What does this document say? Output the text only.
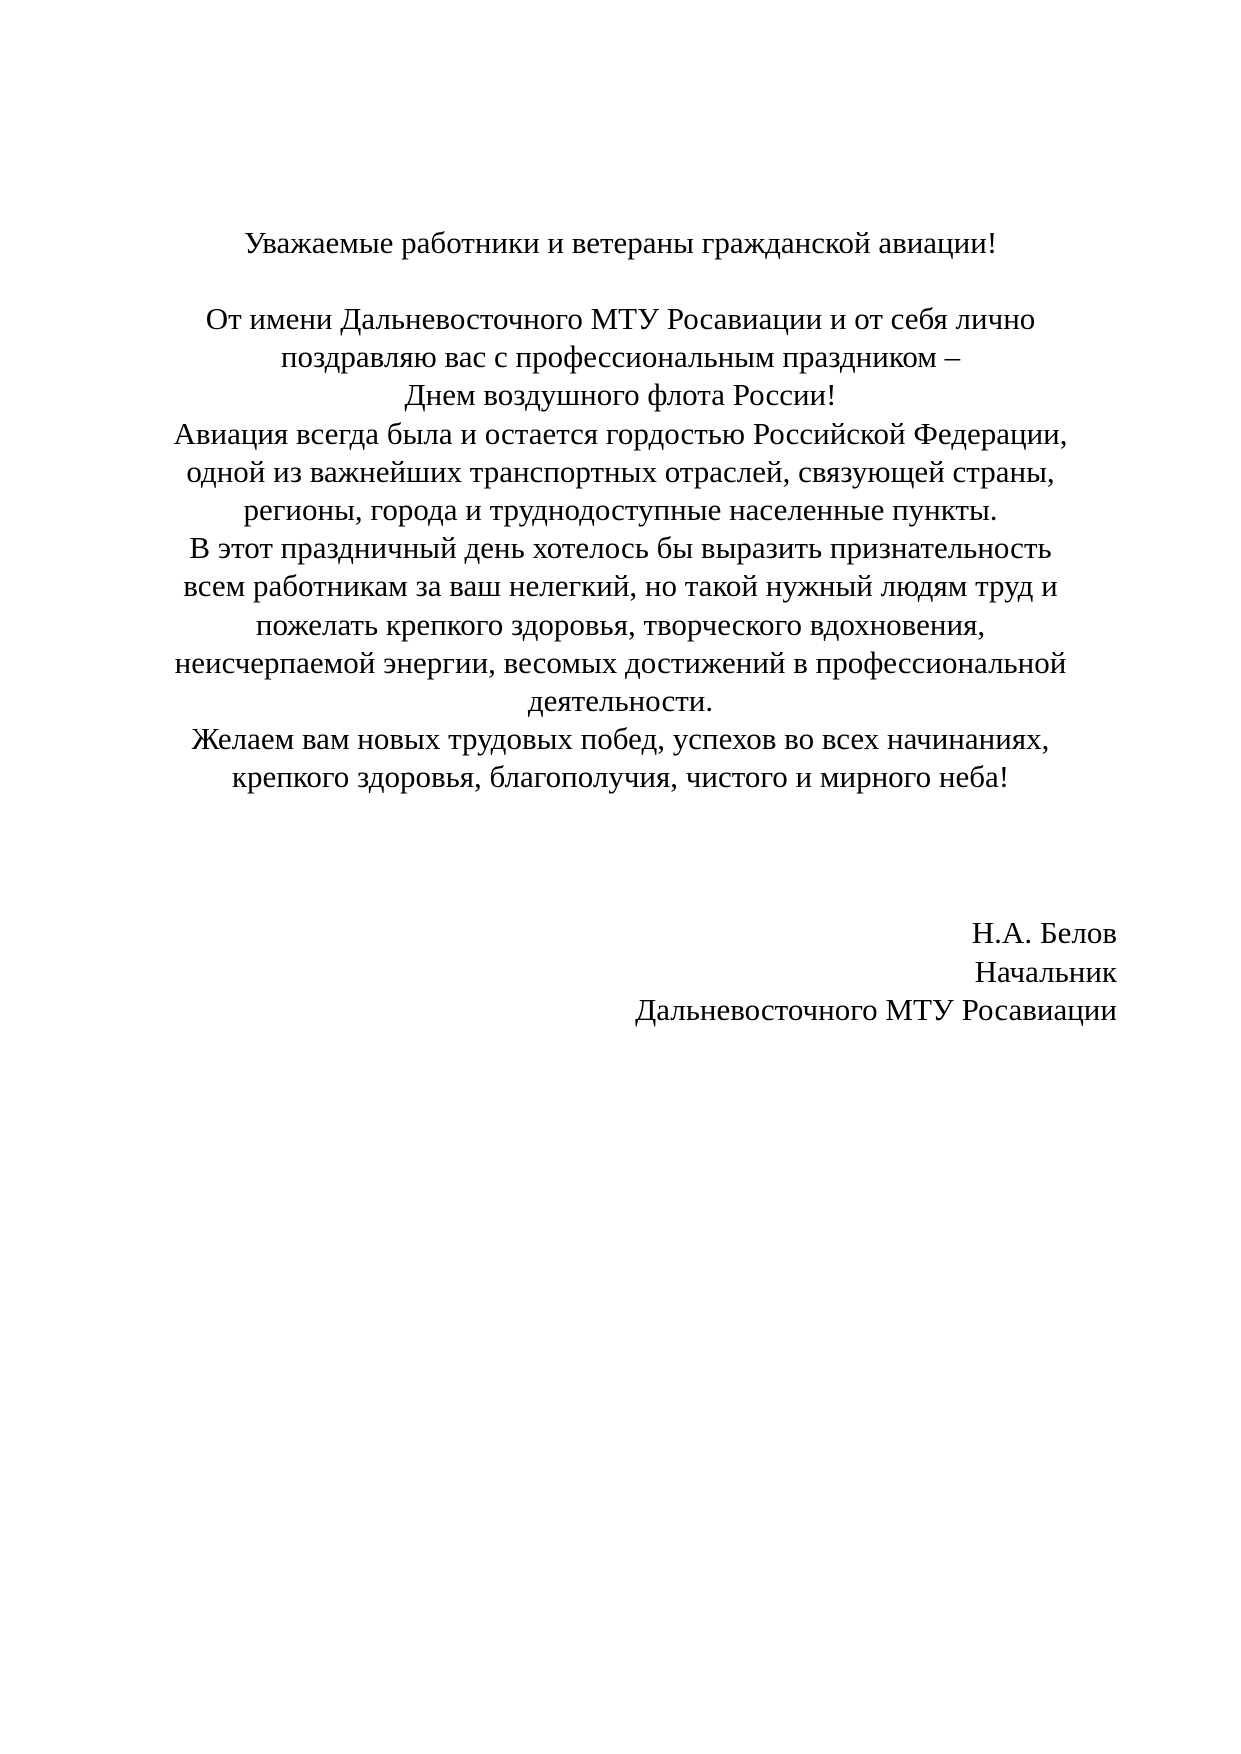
Уважаемые работники и ветераны гражданской авиации!
От имени Дальневосточного МТУ Росавиации и от себя лично
поздравляю вас с профессиональным праздником –
Днем воздушного флота России!
Авиация всегда была и остается гордостью Российской Федерации,
одной из важнейших транспортных отраслей, связующей страны,
регионы, города и труднодоступные населенные пункты.
В этот праздничный день хотелось бы выразить признательность
всем работникам за ваш нелегкий, но такой нужный людям труд и
пожелать крепкого здоровья, творческого вдохновения,
неисчерпаемой энергии, весомых достижений в профессиональной
деятельности.
Желаем вам новых трудовых побед, успехов во всех начинаниях,
крепкого здоровья, благополучия, чистого и мирного неба!
Н.А. Белов
Начальник
Дальневосточного МТУ Росавиации
